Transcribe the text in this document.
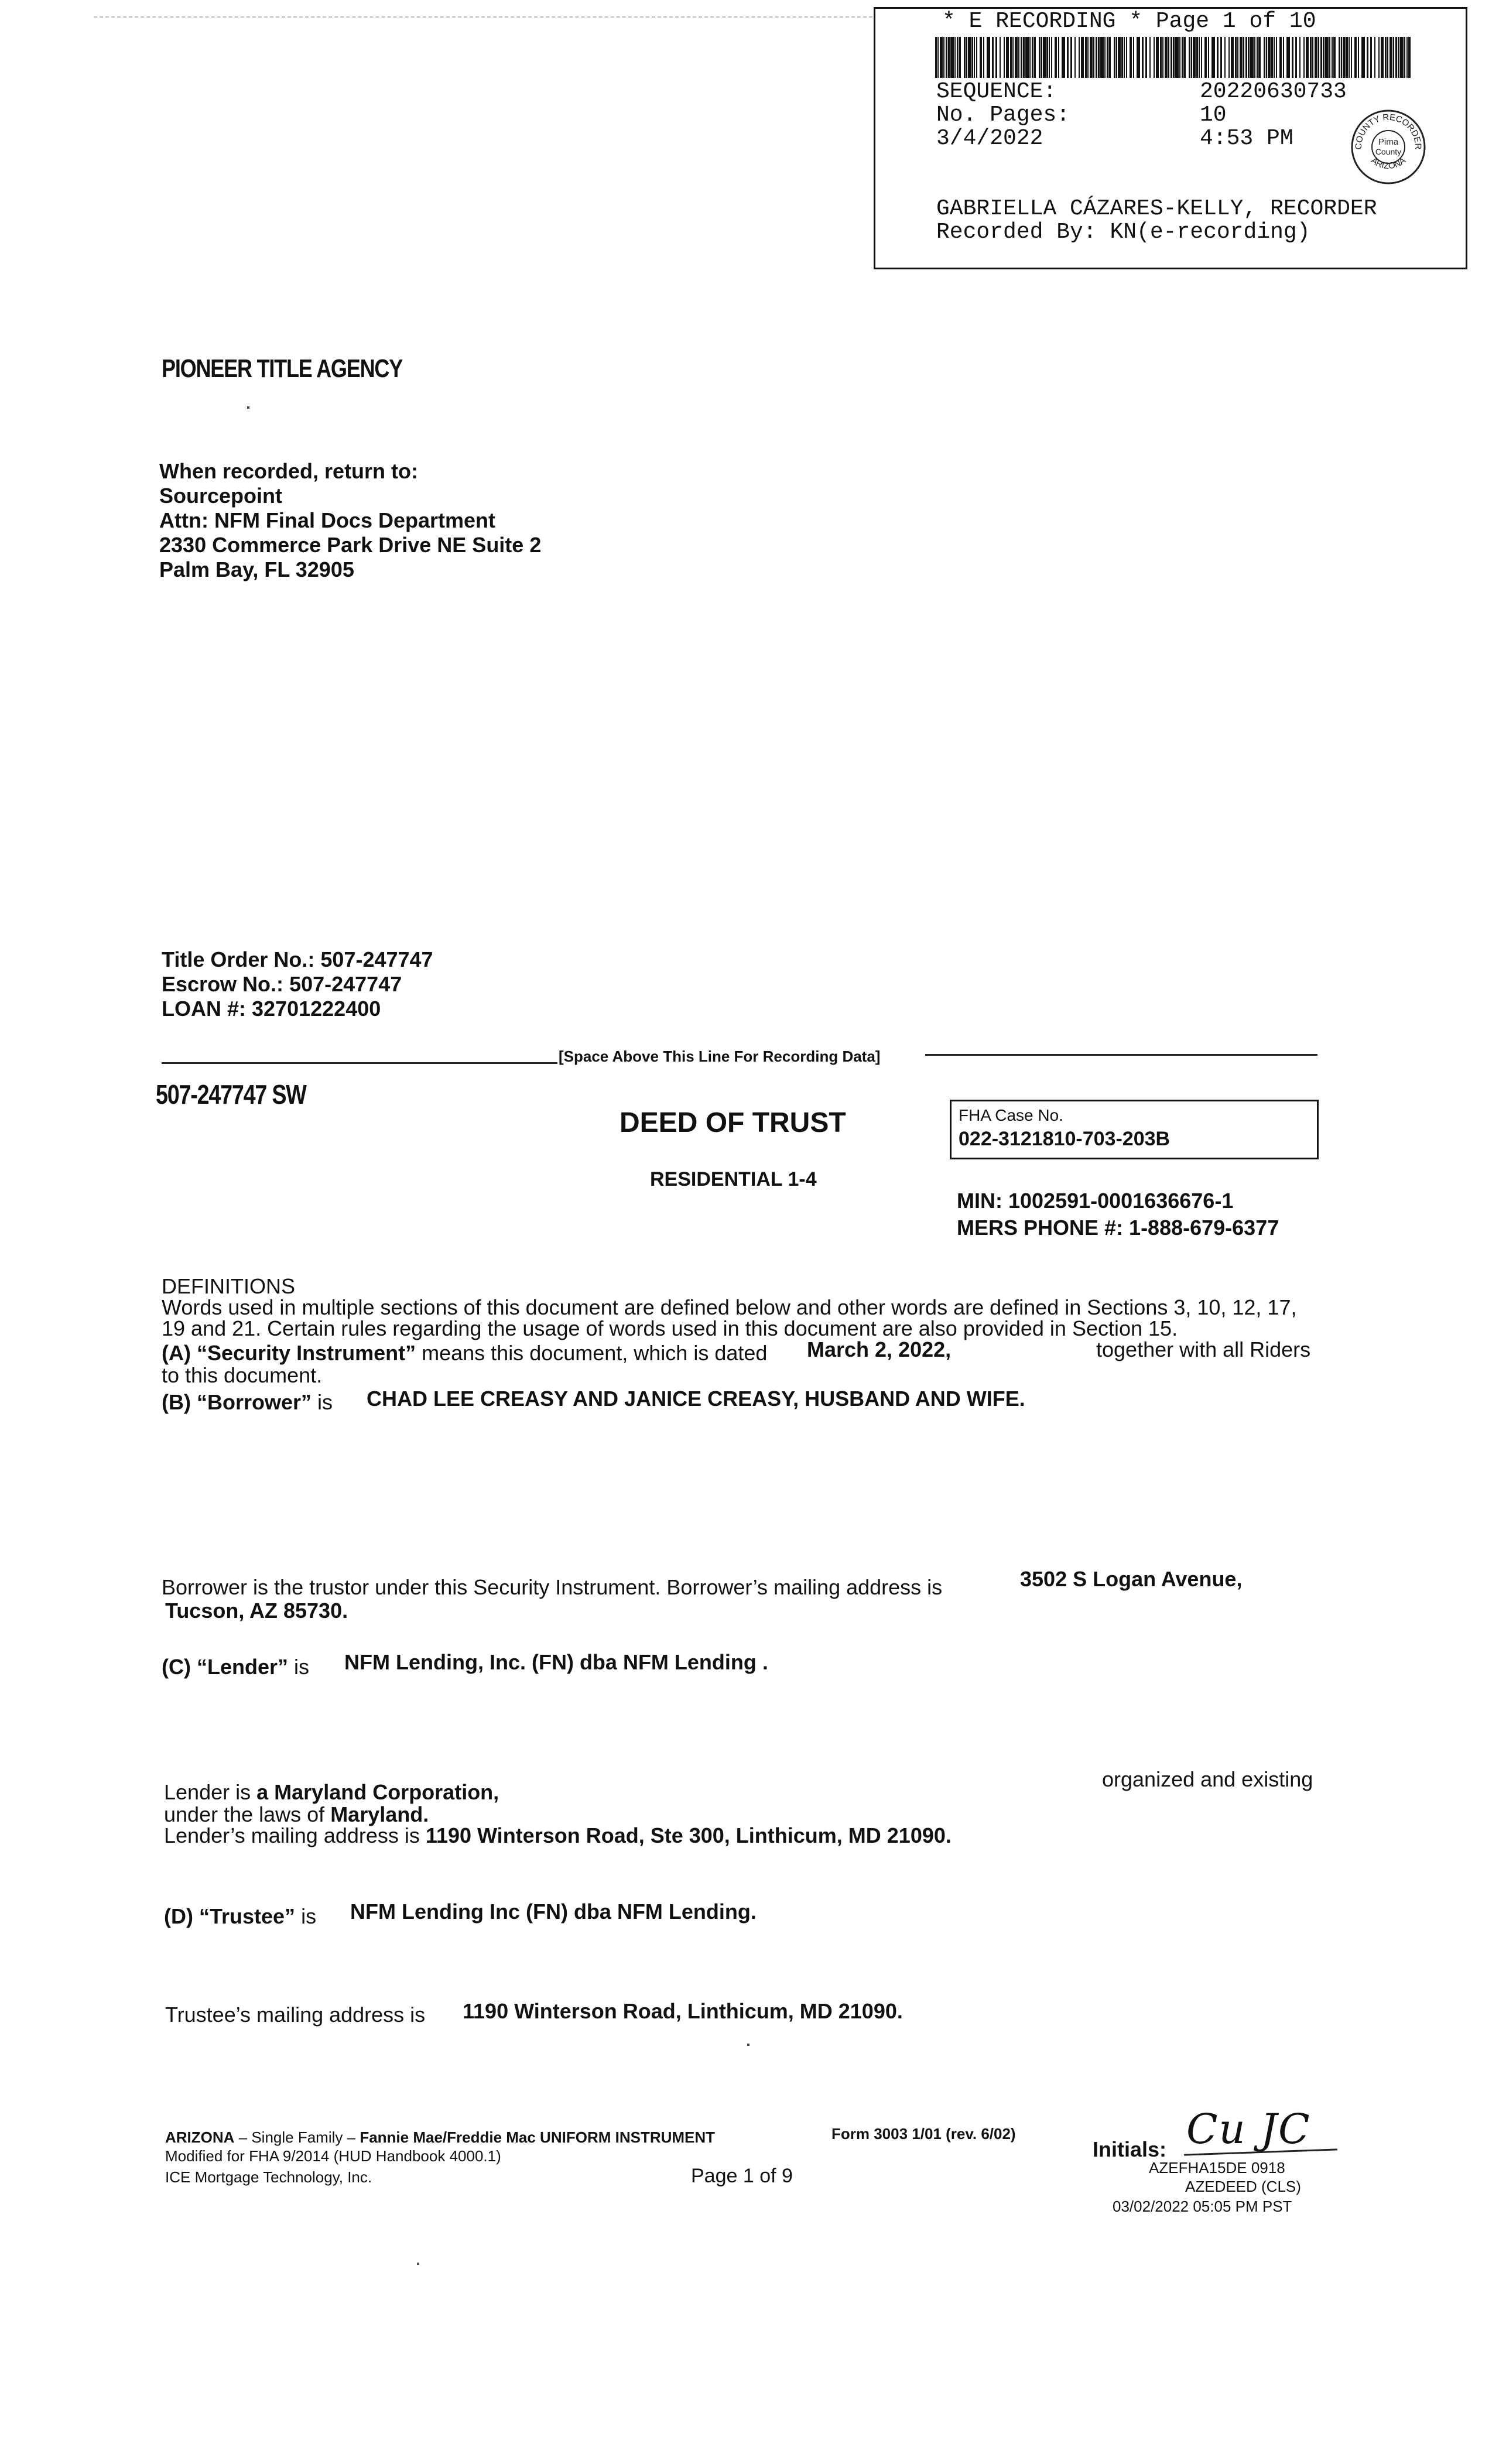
* E RECORDING * Page 1 of 10
SEQUENCE:	20220630733
No. Pages:	10
3/4/2022	4:53 PM	COUNTY RECORDER
Pima
County
ARIZONA
GABRIELLA CÁZARES-KELLY, RECORDER
Recorded By: KN(e-recording)
PIONEER TITLE AGENCY
When recorded, return to:
Sourcepoint
Attn: NFM Final Docs Department
2330 Commerce Park Drive NE Suite 2
Palm Bay, FL 32905
Title Order No.: 507-247747
Escrow No.: 507-247747
LOAN #: 32701222400
[Space Above This Line For Recording Data]
507-247747 SW
DEED OF TRUST
RESIDENTIAL 1-4
FHA Case No.
022-3121810-703-203B
MIN: 1002591-0001636676-1
MERS PHONE #: 1-888-679-6377
DEFINITIONS
Words used in multiple sections of this document are defined below and other words are defined in Sections 3, 10, 12, 17,
19 and 21. Certain rules regarding the usage of words used in this document are also provided in Section 15.
(A) “Security Instrument” means this document, which is dated March 2, 2022,	together with all Riders
to this document.
(B) “Borrower” is CHAD LEE CREASY AND JANICE CREASY, HUSBAND AND WIFE.
Borrower is the trustor under this Security Instrument. Borrower’s mailing address is	3502 S Logan Avenue,
Tucson, AZ 85730.
(C) “Lender” is NFM Lending, Inc. (FN) dba NFM Lending .
organized and existing
Lender is a Maryland Corporation,
under the laws of Maryland.
Lender’s mailing address is 1190 Winterson Road, Ste 300, Linthicum, MD 21090.
(D) “Trustee” is NFM Lending Inc (FN) dba NFM Lending.
Trustee’s mailing address is 1190 Winterson Road, Linthicum, MD 21090.
ARIZONA – Single Family – Fannie Mae/Freddie Mac UNIFORM INSTRUMENT	Form 3003 1/01 (rev. 6/02)
Modified for FHA 9/2014 (HUD Handbook 4000.1)
ICE Mortgage Technology, Inc.	Page 1 of 9
Initials: Cu JC
AZEFHA15DE 0918
AZEDEED (CLS)
03/02/2022 05:05 PM PST
